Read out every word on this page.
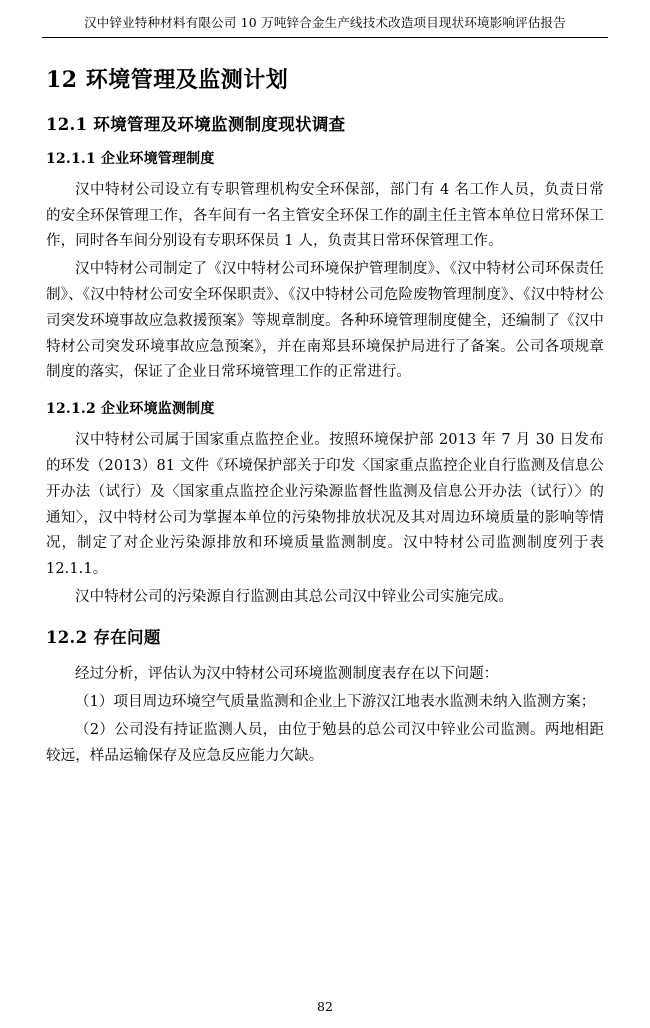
汉中锌业特种材料有限公司 10 万吨锌合金生产线技术改造项目现状环境影响评估报告
12 环境管理及监测计划
12.1 环境管理及环境监测制度现状调查
12.1.1 企业环境管理制度

汉中特材公司设立有专职管理机构安全环保部，部门有 4 名工作人员，负责日常的安全环保管理工作，各车间有一名主管安全环保工作的副主任主管本单位日常环保工作，同时各车间分别设有专职环保员 1 人，负责其日常环保管理工作。

汉中特材公司制定了《汉中特材公司环境保护管理制度》、《汉中特材公司环保责任制》、《汉中特材公司安全环保职责》、《汉中特材公司危险废物管理制度》、《汉中特材公司突发环境事故应急救援预案》等规章制度。各种环境管理制度健全，还编制了《汉中特材公司突发环境事故应急预案》，并在南郑县环境保护局进行了备案。公司各项规章制度的落实，保证了企业日常环境管理工作的正常进行。

12.1.2 企业环境监测制度

汉中特材公司属于国家重点监控企业。按照环境保护部 2013 年 7 月 30 日发布的环发（2013）81 文件《环境保护部关于印发〈国家重点监控企业自行监测及信息公开办法（试行）及〈国家重点监控企业污染源监督性监测及信息公开办法（试行）〉的通知〉，汉中特材公司为掌握本单位的污染物排放状况及其对周边环境质量的影响等情况，制定了对企业污染源排放和环境质量监测制度。汉中特材公司监测制度列于表 12.1.1。

汉中特材公司的污染源自行监测由其总公司汉中锌业公司实施完成。

12.2 存在问题

经过分析，评估认为汉中特材公司环境监测制度表存在以下问题：

（1）项目周边环境空气质量监测和企业上下游汉江地表水监测未纳入监测方案；

（2）公司没有持证监测人员，由位于勉县的总公司汉中锌业公司监测。两地相距较远，样品运输保存及应急反应能力欠缺。

82
